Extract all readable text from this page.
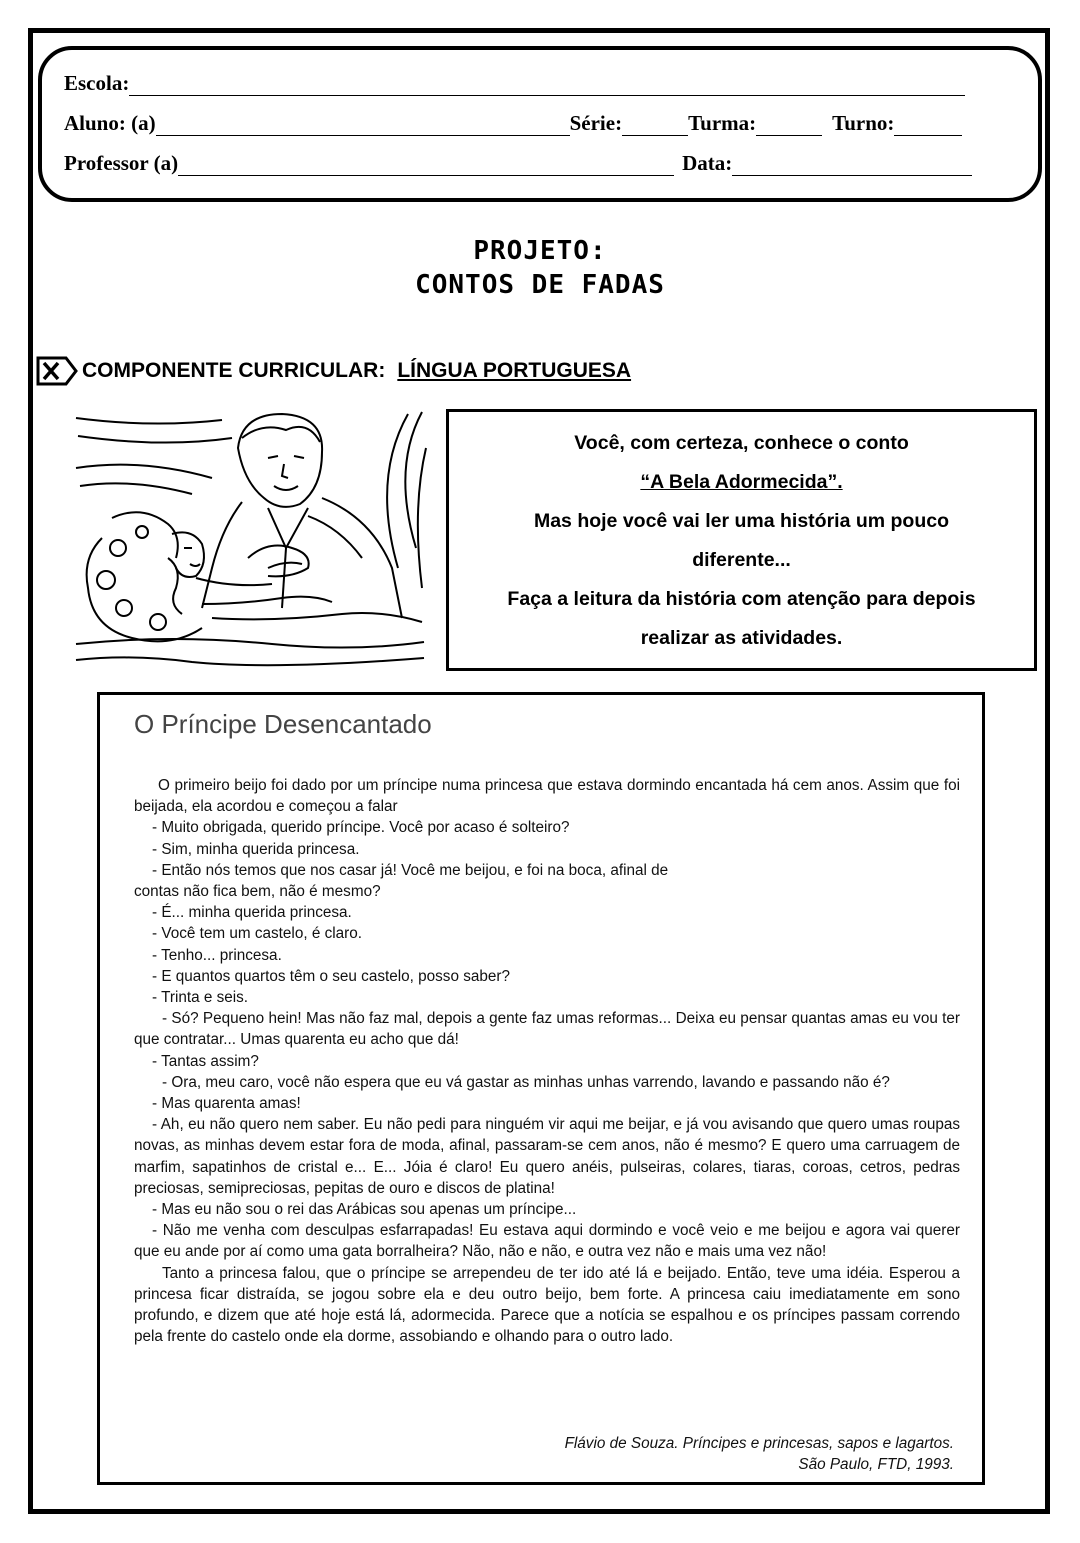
Escola:
Aluno: (a)	Série:	Turma:	Turno:
Professor (a)	Data:
PROJETO:
CONTOS DE FADAS
COMPONENTE CURRICULAR: LÍNGUA PORTUGUESA
Você, com certeza, conhece o conto
“A Bela Adormecida”.
Mas hoje você vai ler uma história um pouco
diferente...
Faça a leitura da história com atenção para depois
realizar as atividades.
O Príncipe Desencantado

O primeiro beijo foi dado por um príncipe numa princesa que estava dormindo encantada há cem anos. Assim que foi beijada, ela acordou e começou a falar

- Muito obrigada, querido príncipe. Você por acaso é solteiro?

- Sim, minha querida princesa.

- Então nós temos que nos casar já! Você me beijou, e foi na boca, afinal de

contas não fica bem, não é mesmo?

- É... minha querida princesa.

- Você tem um castelo, é claro.

- Tenho... princesa.

- E quantos quartos têm o seu castelo, posso saber?

- Trinta e seis.

- Só? Pequeno hein! Mas não faz mal, depois a gente faz umas reformas... Deixa eu pensar quantas amas eu vou ter que contratar... Umas quarenta eu acho que dá!

- Tantas assim?

- Ora, meu caro, você não espera que eu vá gastar as minhas unhas varrendo, lavando e passando não é?

- Mas quarenta amas!

- Ah, eu não quero nem saber. Eu não pedi para ninguém vir aqui me beijar, e já vou avisando que quero umas roupas novas, as minhas devem estar fora de moda, afinal, passaram-se cem anos, não é mesmo? E quero uma carruagem de marfim, sapatinhos de cristal e... E... Jóia é claro! Eu quero anéis, pulseiras, colares, tiaras, coroas, cetros, pedras preciosas, semipreciosas, pepitas de ouro e discos de platina!

- Mas eu não sou o rei das Arábicas sou apenas um príncipe...

- Não me venha com desculpas esfarrapadas! Eu estava aqui dormindo e você veio e me beijou e agora vai querer que eu ande por aí como uma gata borralheira? Não, não e não, e outra vez não e mais uma vez não!

Tanto a princesa falou, que o príncipe se arrependeu de ter ido até lá e beijado. Então, teve uma idéia. Esperou a princesa ficar distraída, se jogou sobre ela e deu outro beijo, bem forte. A princesa caiu imediatamente em sono profundo, e dizem que até hoje está lá, adormecida. Parece que a notícia se espalhou e os príncipes passam correndo pela frente do castelo onde ela dorme, assobiando e olhando para o outro lado.

Flávio de Souza. Príncipes e princesas, sapos e lagartos.
São Paulo, FTD, 1993.
